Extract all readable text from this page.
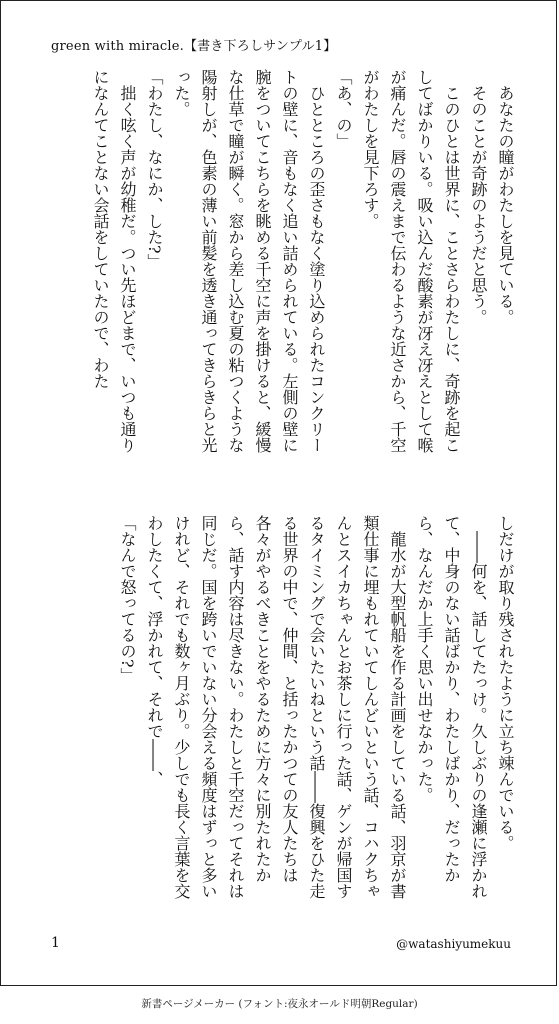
green with miracle.【書き下ろしサンプル1】
あなたの瞳がわたしを見ている。
そのことが奇跡のようだと思う。
このひとは世界に、ことさらわたしに、奇跡を起こしてばかりいる。吸い込んだ酸素が冴え冴えとして喉が痛んだ。唇の震えまで伝わるような近さから、千空がわたしを見下ろす。
「あ、の」
ひとところの歪さもなく塗り込められたコンクリートの壁に、音もなく追い詰められている。左側の壁に腕をついてこちらを眺める千空に声を掛けると、緩慢な仕草で瞳が瞬く。窓から差し込む夏の粘つくような陽射しが、色素の薄い前髪を透き通ってきらきらと光った。
「わたし、なにか、した?」
拙く呟く声が幼稚だ。つい先ほどまで、いつも通りになんてことない会話をしていたので、わた
しだけが取り残されたように立ち竦んでいる。
――何を、話してたっけ。久しぶりの逢瀬に浮かれて、中身のない話ばかり、わたしばかり、だったから、なんだか上手く思い出せなかった。
龍水が大型帆船を作る計画をしている話、羽京が書類仕事に埋もれていてしんどいという話、コハクちゃんとスイカちゃんとお茶しに行った話、ゲンが帰国するタイミングで会いたいねという話――復興をひた走る世界の中で、仲間、と括ったかつての友人たちは各々がやるべきことをやるために方々に別たれたから、話す内容は尽きない。わたしと千空だってそれは同じだ。国を跨いでいない分会える頻度はずっと多いけれど、それでも数ヶ月ぶり。少しでも長く言葉を交わしたくて、浮かれて、それで――、
「なんで怒ってるの?」
1	@watashiyumekuu
新書ページメーカー (フォント:夜永オールド明朝Regular)
